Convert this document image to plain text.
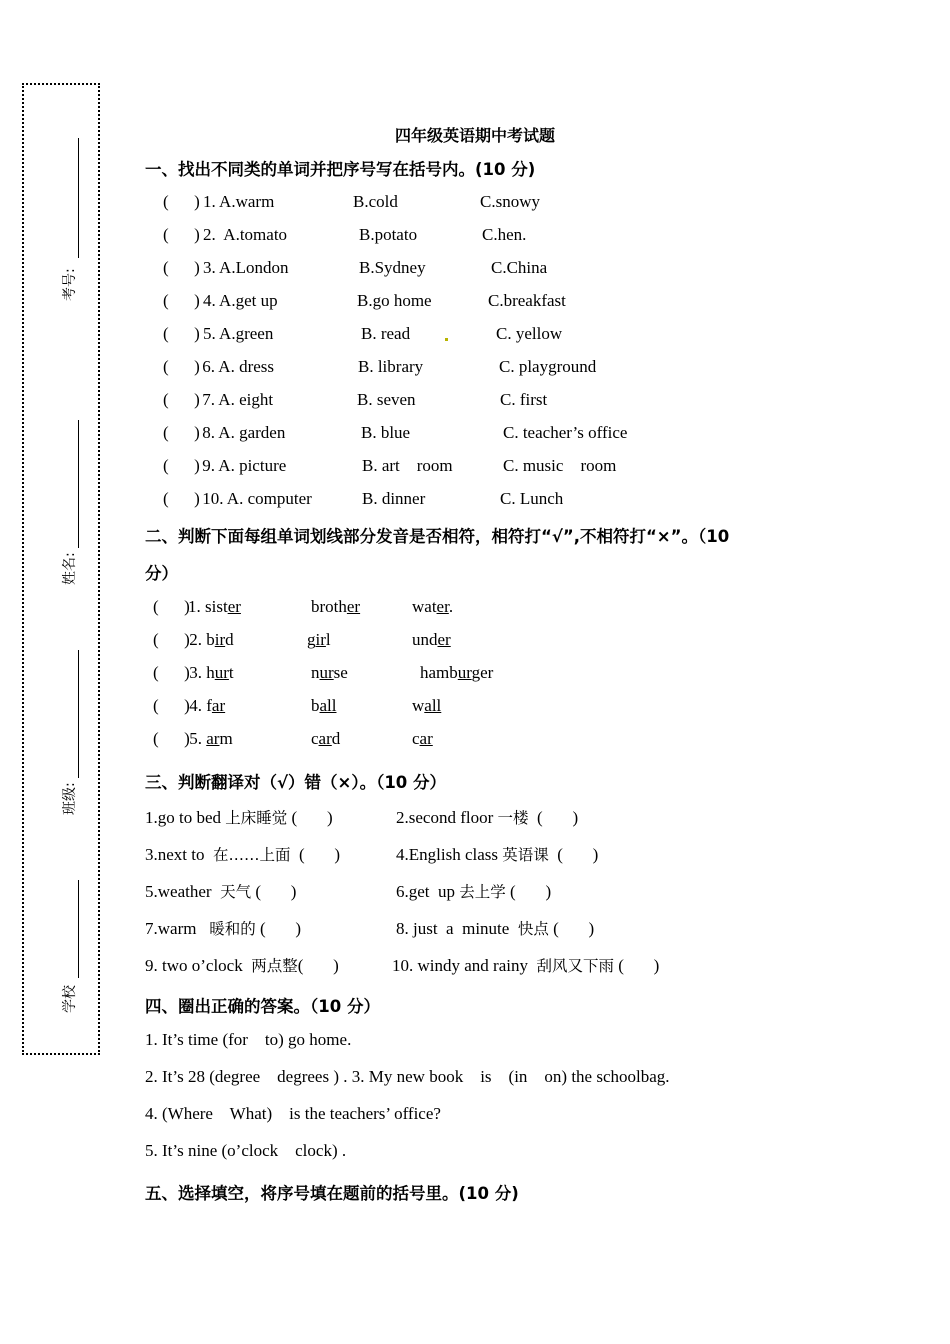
考号:
姓名:
班级:
学校
四年级英语期中考试题
一、找出不同类的单词并把序号写在括号内。(10 分)
(      ) 1. A.warm	B.cold	C.snowy
(      ) 2.  A.tomato	B.potato	C.hen.
(      ) 3. A.London	B.Sydney	C.China
(      ) 4. A.get up	B.go home	C.breakfast
(      ) 5. A.green	B. read	C. yellow
(      )
6. A. dress	B. library	C. playground
(      )
7. A. eight	B. seven	C. first
(      )
8. A. garden	B. blue	C. teacher’s office
(      )
9. A. picture	B. art    room	C. music    room
(      )
10. A. computer	B. dinner	C. Lunch
二、判断下面每组单词划线部分发音是否相符，相符打“√”,不相符打“×”。（10
分）
(      )
1. sister	brother	water.
(      )
2. bird	girl	under
(      )
3. hurt	nurse	hamburger
(      )
4. far	ball	wall
(      )
5. arm	card	car
三、判断翻译对（√）错（×）。（10 分）
1.go to bed 上床睡觉 (       )	2.second floor 一楼  (       )
3.next to  在……上面  (       )	4.English class 英语课  (       )
5.weather  天气 (       )	6.get  up 去上学 (       )
7.warm   暖和的 (       )	8. just  a  minute  快点 (       )
9. two o’clock  两点整(       )	10. windy and rainy  刮风又下雨 (       )
四、圈出正确的答案。（10 分）
1. It’s time (for    to) go home.
2. It’s 28 (degree    degrees ) . 3. My new book    is    (in    on) the schoolbag.
4. (Where    What)    is the teachers’ office?
5. It’s nine (o’clock    clock) .
五、选择填空，将序号填在题前的括号里。(10 分)
